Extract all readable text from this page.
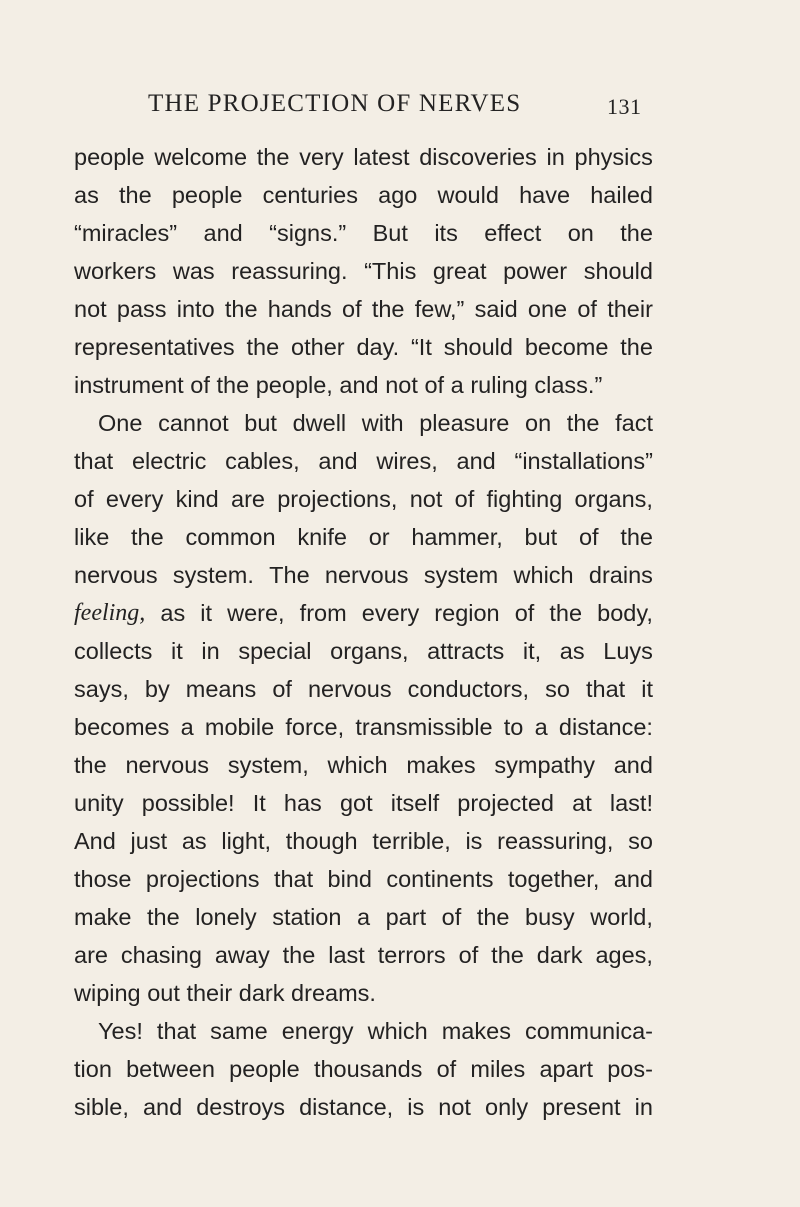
THE PROJECTION OF NERVES	131
people welcome the very latest discoveries in physics
as the people centuries ago would have hailed
“miracles” and “signs.” But its effect on the
workers was reassuring. “This great power should
not pass into the hands of the few,” said one of their
representatives the other day. “It should become the
instrument of the people, and not of a ruling class.”
One cannot but dwell with pleasure on the fact
that electric cables, and wires, and “installations”
of every kind are projections, not of fighting organs,
like the common knife or hammer, but of the
nervous system. The nervous system which drains
feeling, as it were, from every region of the body,
collects it in special organs, attracts it, as Luys
says, by means of nervous conductors, so that it
becomes a mobile force, transmissible to a distance:
the nervous system, which makes sympathy and
unity possible! It has got itself projected at last!
And just as light, though terrible, is reassuring, so
those projections that bind continents together, and
make the lonely station a part of the busy world,
are chasing away the last terrors of the dark ages,
wiping out their dark dreams.
Yes! that same energy which makes communica-
tion between people thousands of miles apart pos-
sible, and destroys distance, is not only present in
